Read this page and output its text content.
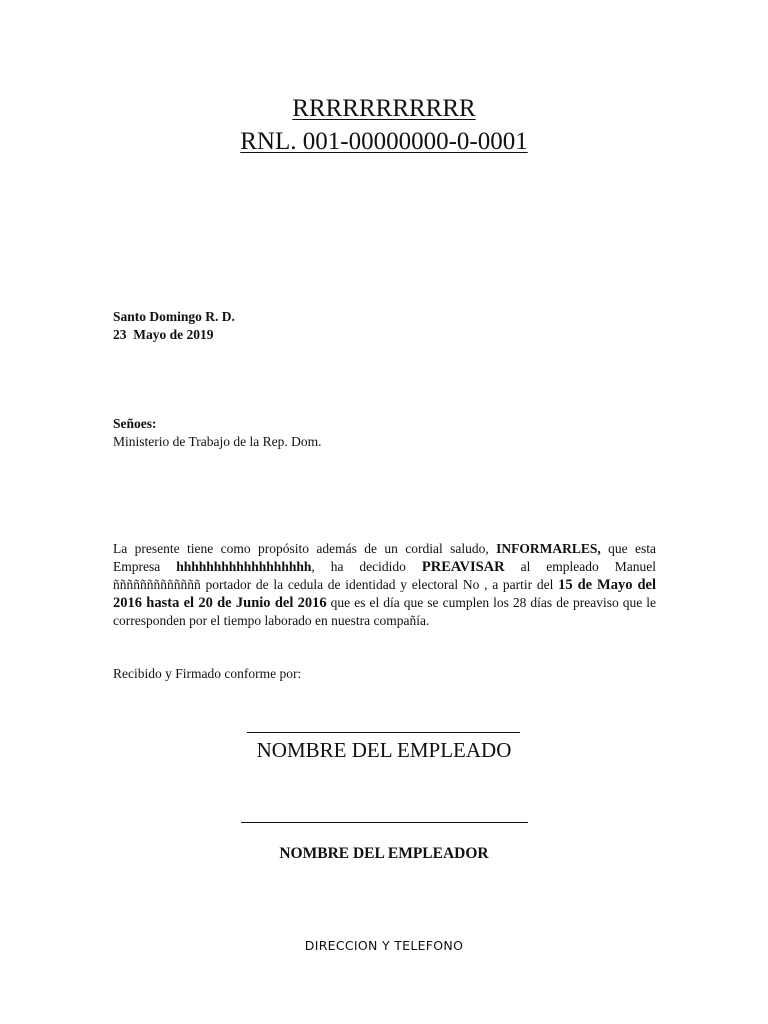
RRRRRRRRRRR
RNL. 001-00000000-0-0001
Santo Domingo R. D.
23  Mayo de 2019
Señoes:
Ministerio de Trabajo de la Rep. Dom.
La presente tiene como propósito además de un cordial saludo, INFORMARLES, que esta Empresa hhhhhhhhhhhhhhhhhh, ha decidido PREAVISAR al empleado Manuel ñññññññññññññ portador de la cedula de identidad y electoral No , a partir del 15 de Mayo del 2016 hasta el 20 de Junio del 2016 que es el día que se cumplen los 28 días de preaviso que le corresponden por el tiempo laborado en nuestra compañía.
Recibido y Firmado conforme por:
NOMBRE DEL EMPLEADO
NOMBRE DEL EMPLEADOR
DIRECCION Y TELEFONO
